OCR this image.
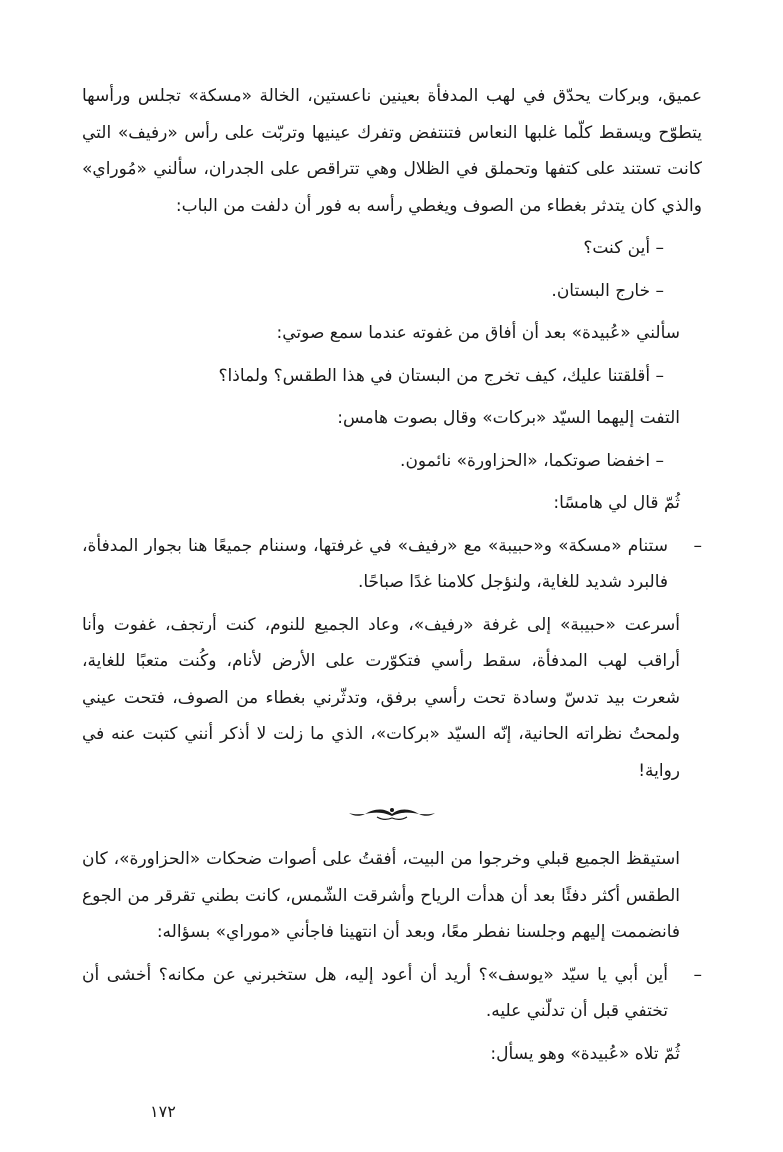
عميق، وبركات يحدّق في لهب المدفأة بعينين ناعستين، الخالة «مسكة» تجلس ورأسها يتطوّح ويسقط كلّما غلبها النعاس فتنتفض وتفرك عينيها وتربّت على رأس «رفيف» التي كانت تستند على كتفها وتحملق في الظلال وهي تتراقص على الجدران، سألني «مُوراي» والذي كان يتدثر بغطاء من الصوف ويغطي رأسه به فور أن دلفت من الباب:

– أين كنت؟

– خارج البستان.

سألني «عُبيدة» بعد أن أفاق من غفوته عندما سمع صوتي:

– أقلقتنا عليك، كيف تخرج من البستان في هذا الطقس؟ ولماذا؟

التفت إليهما السيّد «بركات» وقال بصوت هامس:

– اخفضا صوتكما، «الحزاورة» نائمون.

ثُمّ قال لي هامسًا:

–
ستنام «مسكة» و«حبيبة» مع «رفيف» في غرفتها، وسننام جميعًا هنا بجوار المدفأة، فالبرد شديد للغاية، ولنؤجل كلامنا غدًا صباحًا.

أسرعت «حبيبة» إلى غرفة «رفيف»، وعاد الجميع للنوم، كنت أرتجف، غفوت وأنا أراقب لهب المدفأة، سقط رأسي فتكوّرت على الأرض لأنام، وكُنت متعبًا للغاية، شعرت بيد تدسّ وسادة تحت رأسي برفق، وتدثّرني بغطاء من الصوف، فتحت عيني ولمحتُ نظراته الحانية، إنّه السيّد «بركات»، الذي ما زلت لا أذكر أنني كتبت عنه في رواية!

استيقظ الجميع قبلي وخرجوا من البيت، أفقتُ على أصوات ضحكات «الحزاورة»، كان الطقس أكثر دفئًا بعد أن هدأت الرياح وأشرقت الشّمس، كانت بطني تقرقر من الجوع فانضممت إليهم وجلسنا نفطر معًا، وبعد أن انتهينا فاجأني «موراي» بسؤاله:

–
أين أبي يا سيّد «يوسف»؟ أريد أن أعود إليه، هل ستخبرني عن مكانه؟ أخشى أن تختفي قبل أن تدلّني عليه.

ثُمّ تلاه «عُبيدة» وهو يسأل:

١٧٢
